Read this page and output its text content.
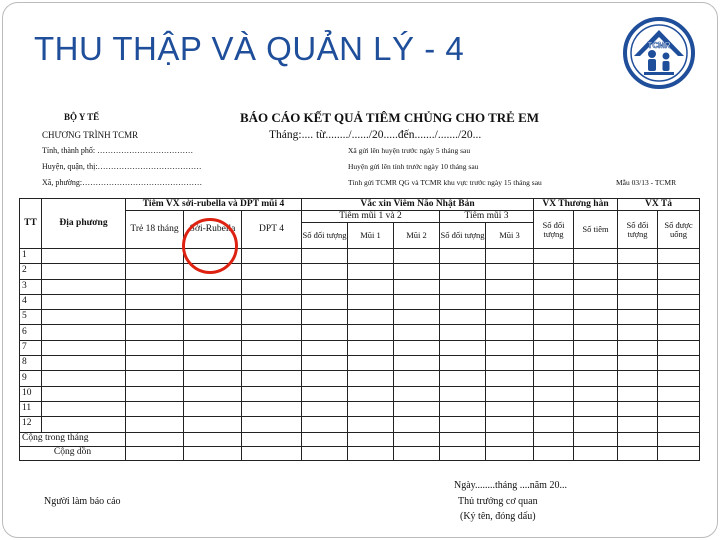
THU THẬP VÀ QUẢN LÝ - 4	TCMR
BỘ Y TẾ
CHƯƠNG TRÌNH TCMR
Tỉnh, thành phố: ………………………………
Huyện, quận, thị:…………………………………
Xã, phường:………………………………………
BÁO CÁO KẾT QUẢ TIÊM CHỦNG CHO TRẺ EM
Tháng:.... từ......../....../20.....đến......./......./20...
Xã gửi lên huyện trước ngày 5 tháng sau
Huyện gửi lên tỉnh trước ngày 10 tháng sau
Tỉnh gửi TCMR QG và TCMR khu vực trước ngày 15 tháng sau	Mẫu 03/13 - TCMR
TT	Địa phương	Tiêm VX sởi-rubella và DPT mũi 4			Vắc xin Viêm Não Nhật Bản					VX Thương hàn		VX Tả	
		Trẻ 18 tháng	Sởi-Rubella	DPT 4	Tiêm mũi 1 và 2			Tiêm mũi 3		Số đối tượng	Số tiêm	Số đối tượng	Số được uống
					Số đối tượng	Mũi 1	Mũi 2	Số đối tượng	Mũi 3				
1													
2													
3													
4													
5													
6													
7													
8													
9													
10													
11													
12													
Cộng trong tháng													
Cộng dồn													
Người làm báo cáo
Ngày........tháng ....năm 20...
Thủ trưởng cơ quan
(Ký tên, đóng dấu)
